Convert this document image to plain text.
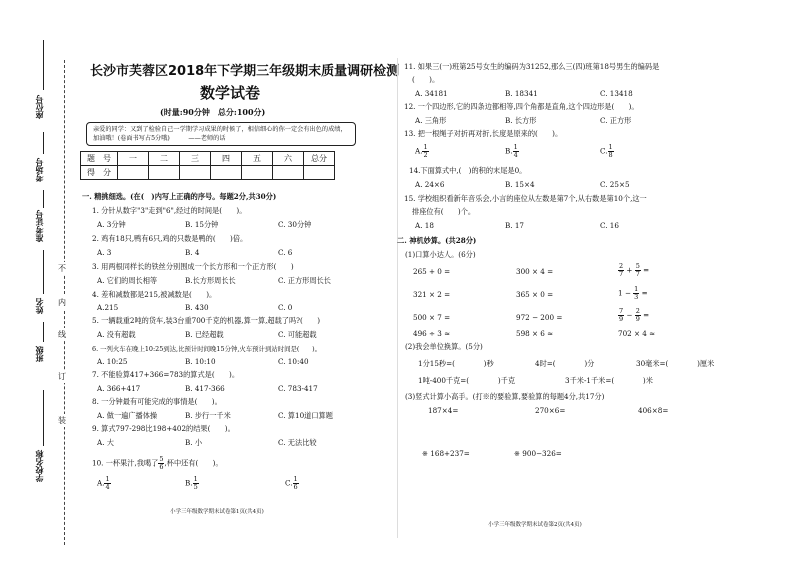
座位号
考场号
准考证号
姓名
班级
学校名称
不
内
线
订
装
长沙市芙蓉区2018年下学期三年级期末质量调研检测
数学试卷
(时量:90分钟　总分:100分)
亲爱的同学：又到了检验自己一学期学习成果的时候了，相信细心的你一定会有出色的成绩，加油哦！(卷面书写占5分哦)　　　——老师的话
题　号	一	二	三	四	五	六	总分
得　分							
一. 精挑细选。(在(　)内写上正确的序号。每题2分,共30分)
1. 分针从数字"3"走到"6",经过的时间是(　　)。
A. 3分钟	B. 15分钟	C. 30分钟
2. 鸡有18只,鸭有6只,鸡的只数是鸭的(　　)倍。
A. 3	B. 4	C. 6
3. 用两根同样长的铁丝分别围成一个长方形和一个正方形(　　)
A. 它们的周长相等	B.长方形周长长	C. 正方形周长长
4. 差和减数都是215,被减数是(　　)。
A.215	B. 430	C. 0
5. 一辆载重2吨的货车,装3台重700千克的机器,算一算,超载了吗?(　　)
A. 没有超载	B. 已经超载	C. 可能超载
6. 一列火车在晚上10:25到达,比预计时间晚15分钟,火车预计到站时间是(　　)。
A. 10:25	B. 10:10	C. 10:40
7. 不能验算417+366=783的算式是(　　)。
A. 366+417	B. 417-366	C. 783-417
8. 一分钟最有可能完成的事情是(　　)。
A. 做一遍广播体操	B. 步行一千米	C. 算10道口算题
9. 算式797-298比198+402的结果(　　)。
A. 大	B. 小	C. 无法比较
10. 一杯果汁,我喝了 $\frac{5}{6}$ ,杯中还有(　　)。
A. $\frac{1}{4}$	B. $\frac{1}{5}$	C. $\frac{1}{6}$
小学三年级数学期末试卷第1页(共4页)
11. 如果三(一)班第25号女生的编码为31252,那么三(四)班第18号男生的编码是
(　　)。
A. 34181	B. 18341	C. 13418
12. 一个四边形,它的四条边都相等,四个角都是直角,这个四边形是(　　)。
A. 三角形	B. 长方形	C. 正方形
13. 把一根绳子对折再对折,长度是原来的(　　)。
A. $\frac{1}{2}$	B. $\frac{1}{4}$	C. $\frac{1}{8}$
14.下面算式中,(　)的积的末尾是0。
A. 24×6	B. 15×4	C. 25×5
15. 学校组织看新年音乐会,小言的座位从左数是第7个,从右数是第10个,这一
排座位有(　　)个。
A. 18	B. 17	C. 16
二. 神机妙算。(共28分)
(1)口算小达人。(6分)
265 + 0 =	300 × 4 =	$\frac{2}{7} + \frac{5}{7}$ =
321 × 2 =	365 × 0 =	$1 - \frac{1}{3}$ =
500 × 7 =	972 − 200 =	$\frac{7}{9} - \frac{2}{9}$ =
496 ÷ 3 ≈	598 × 6 ≈	702 × 4 ≈
(2)我会单位换算。(5分)
1分15秒=(　　　　)秒	4时=(　　　　)分	30毫米=(　　　　)厘米
1吨-400千克=(　　　　)千克	3千米-1千米=(　　　　)米
(3)竖式计算小高手。(打※的要验算,要验算的每题4分,共17分)
187×4=	270×6=	406×8=
※ 168+237=	※ 900−326=
小学三年级数学期末试卷第2页(共4页)
